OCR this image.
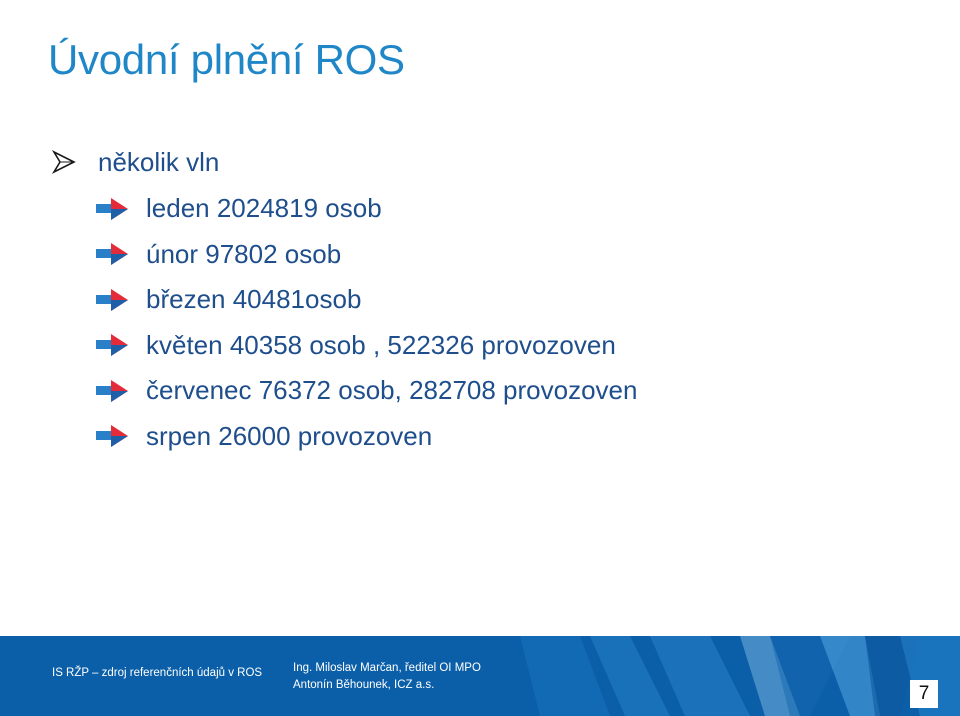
Úvodní plnění ROS
několik vln
leden 2024819 osob
únor 97802 osob
březen 40481osob
květen 40358 osob , 522326 provozoven
červenec 76372 osob, 282708 provozoven
srpen 26000 provozoven
IS RŽP – zdroj referenčních údajů v ROS	Ing. Miloslav Marčan, ředitel OI MPO
Antonín Běhounek, ICZ a.s.	7
